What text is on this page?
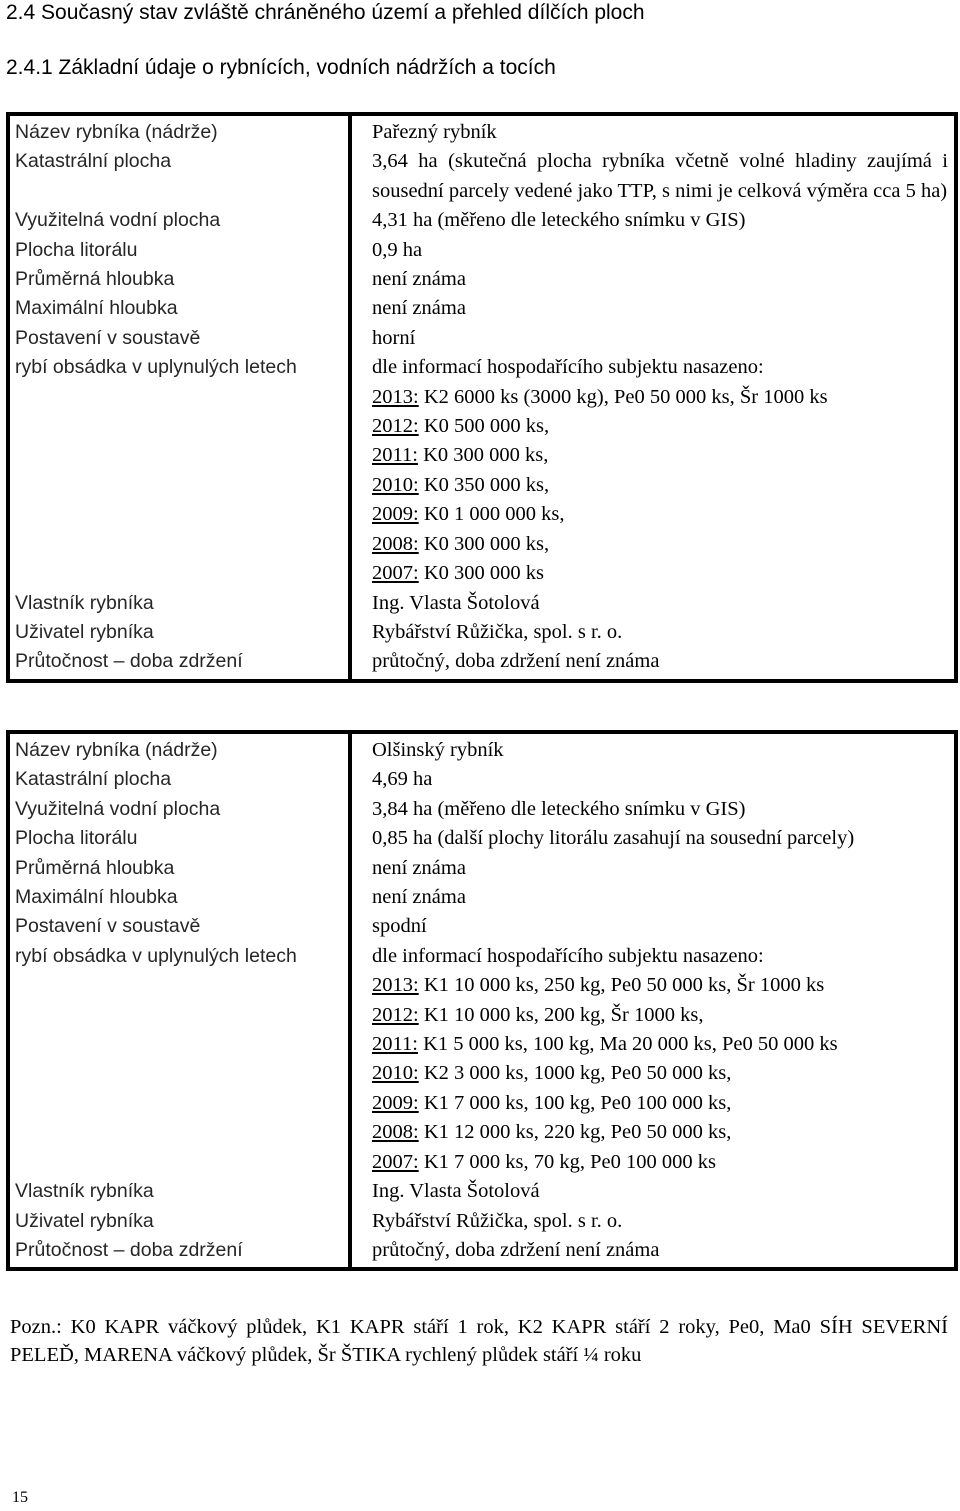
2.4 Současný stav zvláště chráněného území a přehled dílčích ploch
2.4.1 Základní údaje o rybnících, vodních nádržích a tocích
Název rybníka (nádrže)	Pařezný rybník
Katastrální plocha	3,64 ha (skutečná plocha rybníka včetně volné hladiny zaujímá i sousední parcely vedené jako TTP, s nimi je celková výměra cca 5 ha)
Využitelná vodní plocha	4,31 ha (měřeno dle leteckého snímku v GIS)
Plocha litorálu	0,9 ha
Průměrná hloubka	není známa
Maximální hloubka	není známa
Postavení v soustavě	horní
rybí obsádka v uplynulých letech	dle informací hospodařícího subjektu nasazeno:
2013: K2 6000 ks (3000 kg), Pe0 50 000 ks, Šr 1000 ks
2012: K0 500 000 ks,
2011: K0 300 000 ks,
2010: K0 350 000 ks,
2009: K0 1 000 000 ks,
2008: K0 300 000 ks,
2007: K0 300 000 ks
Vlastník rybníka	Ing. Vlasta Šotolová
Uživatel rybníka	Rybářství Růžička, spol. s r. o.
Průtočnost – doba zdržení	průtočný, doba zdržení není známa
Název rybníka (nádrže)	Olšinský rybník
Katastrální plocha	4,69 ha
Využitelná vodní plocha	3,84 ha (měřeno dle leteckého snímku v GIS)
Plocha litorálu	0,85 ha (další plochy litorálu zasahují na sousední parcely)
Průměrná hloubka	není známa
Maximální hloubka	není známa
Postavení v soustavě	spodní
rybí obsádka v uplynulých letech	dle informací hospodařícího subjektu nasazeno:
2013: K1 10 000 ks, 250 kg, Pe0 50 000 ks, Šr 1000 ks
2012: K1 10 000 ks, 200 kg, Šr 1000 ks,
2011: K1 5 000 ks, 100 kg, Ma 20 000 ks, Pe0 50 000 ks
2010: K2 3 000 ks, 1000 kg, Pe0 50 000 ks,
2009: K1 7 000 ks, 100 kg, Pe0 100 000 ks,
2008: K1 12 000 ks, 220 kg, Pe0 50 000 ks,
2007: K1 7 000 ks, 70 kg, Pe0 100 000 ks
Vlastník rybníka	Ing. Vlasta Šotolová
Uživatel rybníka	Rybářství Růžička, spol. s r. o.
Průtočnost – doba zdržení	průtočný, doba zdržení není známa
Pozn.: K0 KAPR váčkový plůdek, K1 KAPR stáří 1 rok, K2 KAPR stáří 2 roky, Pe0, Ma0 SÍH SEVERNÍ PELEĎ, MARENA váčkový plůdek, Šr ŠTIKA rychlený plůdek stáří ¼ roku
15
